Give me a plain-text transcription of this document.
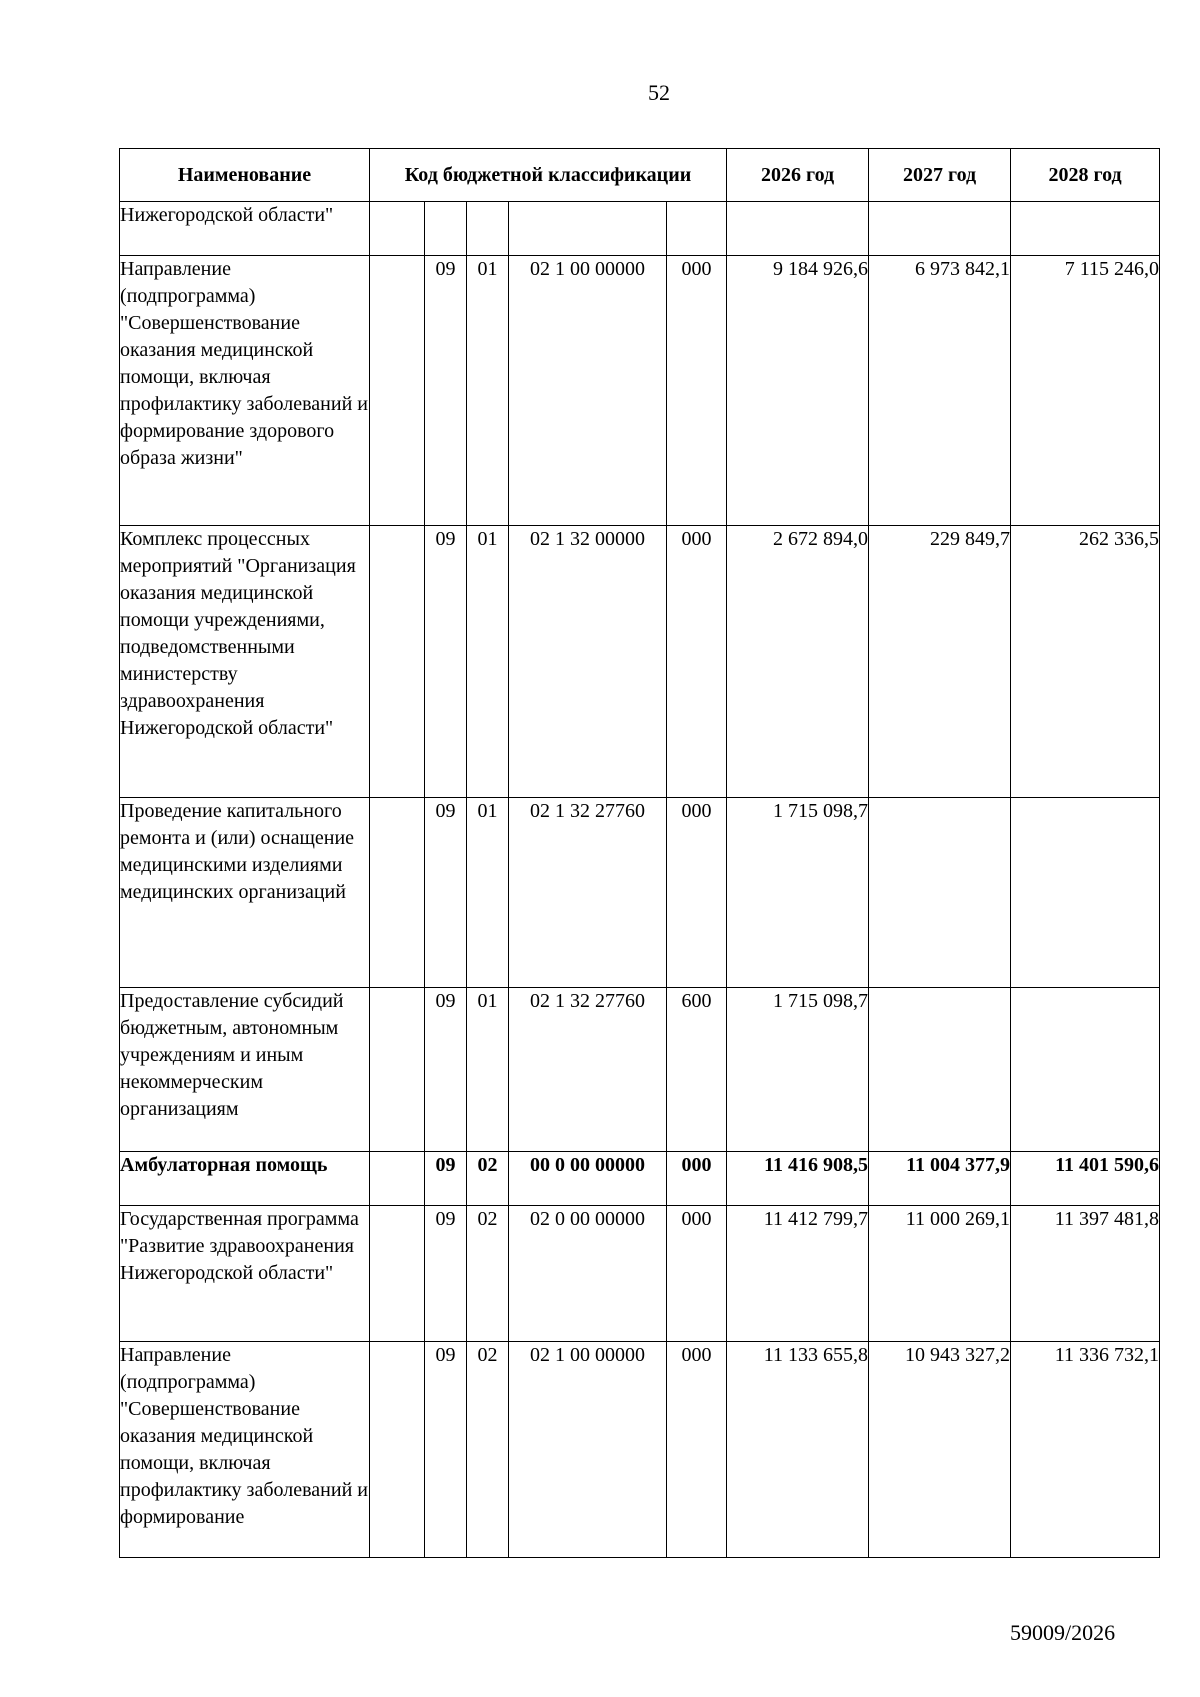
52
Наименование	Код бюджетной классификации					2026 год	2027 год	2028 год
Нижегородской области"								
Направление (подпрограмма) "Совершенствование оказания медицинской помощи, включая профилактику заболеваний и формирование здорового образа жизни"		09	01	02 1 00 00000	000	9 184 926,6	6 973 842,1	7 115 246,0
Комплекс процессных мероприятий "Организация оказания медицинской помощи учреждениями, подведомственными министерству здравоохранения Нижегородской области"		09	01	02 1 32 00000	000	2 672 894,0	229 849,7	262 336,5
Проведение капитального ремонта и (или) оснащение медицинскими изделиями медицинских организаций		09	01	02 1 32 27760	000	1 715 098,7		
Предоставление субсидий бюджетным, автономным учреждениям и иным некоммерческим организациям		09	01	02 1 32 27760	600	1 715 098,7		
Амбулаторная помощь		09	02	00 0 00 00000	000	11 416 908,5	11 004 377,9	11 401 590,6
Государственная программа "Развитие здравоохранения Нижегородской области"		09	02	02 0 00 00000	000	11 412 799,7	11 000 269,1	11 397 481,8
Направление (подпрограмма) "Совершенствование оказания медицинской помощи, включая профилактику заболеваний и формирование		09	02	02 1 00 00000	000	11 133 655,8	10 943 327,2	11 336 732,1
59009/2026
